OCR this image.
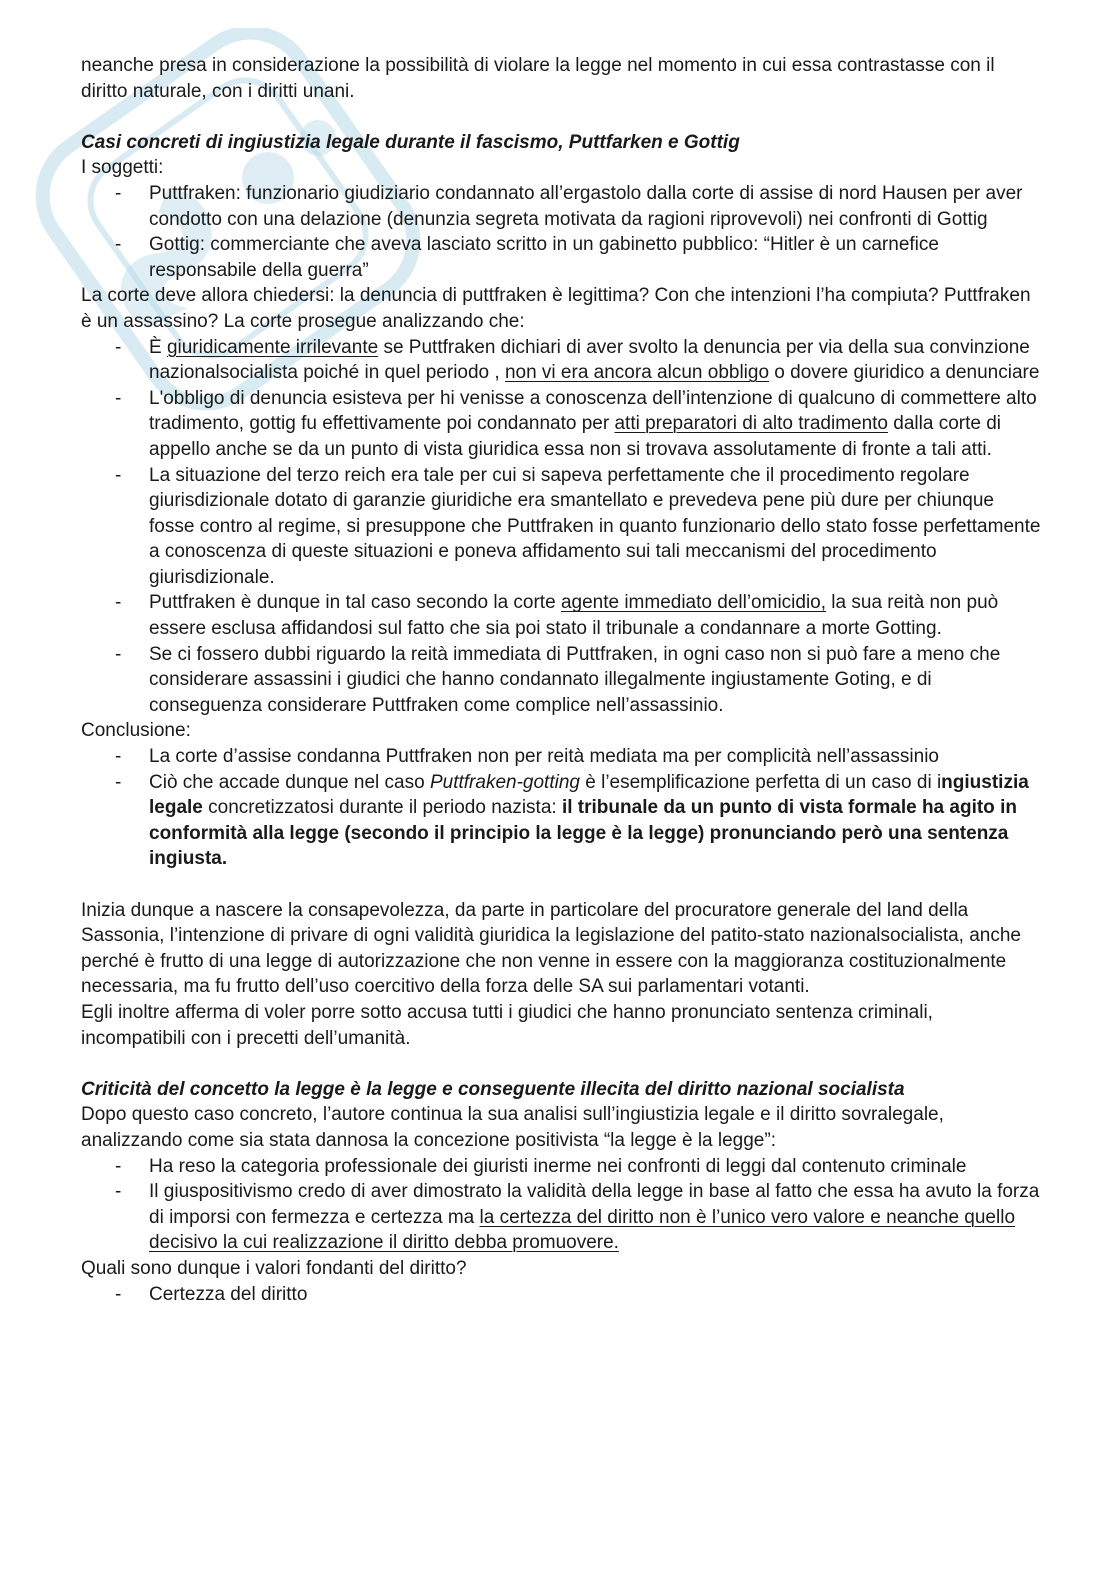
neanche presa in considerazione la possibilità di violare la legge nel momento in cui essa contrastasse con il diritto naturale, con i diritti unani.

Casi concreti di ingiustizia legale durante il fascismo, Puttfarken e Gottig

I soggetti:

- Puttfraken: funzionario giudiziario condannato all’ergastolo dalla corte di assise di nord Hausen per aver condotto con una delazione (denunzia segreta motivata da ragioni riprovevoli) nei confronti di Gottig
- Gottig: commerciante che aveva lasciato scritto in un gabinetto pubblico: “Hitler è un carnefice responsabile della guerra”

La corte deve allora chiedersi: la denuncia di puttfraken è legittima? Con che intenzioni l’ha compiuta? Puttfraken è un assassino? La corte prosegue analizzando che:

- È giuridicamente irrilevante se Puttfraken dichiari di aver svolto la denuncia per via della sua convinzione nazionalsocialista poiché in quel periodo , non vi era ancora alcun obbligo o dovere giuridico a denunciare
- L'obbligo di denuncia esisteva per hi venisse a conoscenza dell’intenzione di qualcuno di commettere alto tradimento, gottig fu effettivamente poi condannato per atti preparatori di alto tradimento dalla corte di appello anche se da un punto di vista giuridica essa non si trovava assolutamente di fronte a tali atti.
- La situazione del terzo reich era tale per cui si sapeva perfettamente che il procedimento regolare giurisdizionale dotato di garanzie giuridiche era smantellato e prevedeva pene più dure per chiunque fosse contro al regime, si presuppone che Puttfraken in quanto funzionario dello stato fosse perfettamente a conoscenza di queste situazioni e poneva affidamento sui tali meccanismi del procedimento giurisdizionale.
- Puttfraken è dunque in tal caso secondo la corte agente immediato dell’omicidio, la sua reità non può essere esclusa affidandosi sul fatto che sia poi stato il tribunale a condannare a morte Gotting.
- Se ci fossero dubbi riguardo la reità immediata di Puttfraken, in ogni caso non si può fare a meno che considerare assassini i giudici che hanno condannato illegalmente ingiustamente Goting, e di conseguenza considerare Puttfraken come complice nell’assassinio.

Conclusione:

- La corte d’assise condanna Puttfraken non per reità mediata ma per complicità nell’assassinio
- Ciò che accade dunque nel caso Puttfraken-gotting è l’esemplificazione perfetta di un caso di ingiustizia legale concretizzatosi durante il periodo nazista: il tribunale da un punto di vista formale ha agito in conformità alla legge (secondo il principio la legge è la legge) pronunciando però una sentenza ingiusta.

Inizia dunque a nascere la consapevolezza, da parte in particolare del procuratore generale del land della Sassonia, l’intenzione di privare di ogni validità giuridica la legislazione del patito-stato nazionalsocialista, anche perché è frutto di una legge di autorizzazione che non venne in essere con la maggioranza costituzionalmente necessaria, ma fu frutto dell’uso coercitivo della forza delle SA sui parlamentari votanti.

Egli inoltre afferma di voler porre sotto accusa tutti i giudici che hanno pronunciato sentenza criminali, incompatibili con i precetti dell’umanità.

Criticità del concetto la legge è la legge e conseguente illecita del diritto nazional socialista

Dopo questo caso concreto, l’autore continua la sua analisi sull’ingiustizia legale e il diritto sovralegale, analizzando come sia stata dannosa la concezione positivista “la legge è la legge”:

- Ha reso la categoria professionale dei giuristi inerme nei confronti di leggi dal contenuto criminale
- Il giuspositivismo credo di aver dimostrato la validità della legge in base al fatto che essa ha avuto la forza di imporsi con fermezza e certezza ma la certezza del diritto non è l’unico vero valore e neanche quello decisivo la cui realizzazione il diritto debba promuovere.

Quali sono dunque i valori fondanti del diritto?

- Certezza del diritto
